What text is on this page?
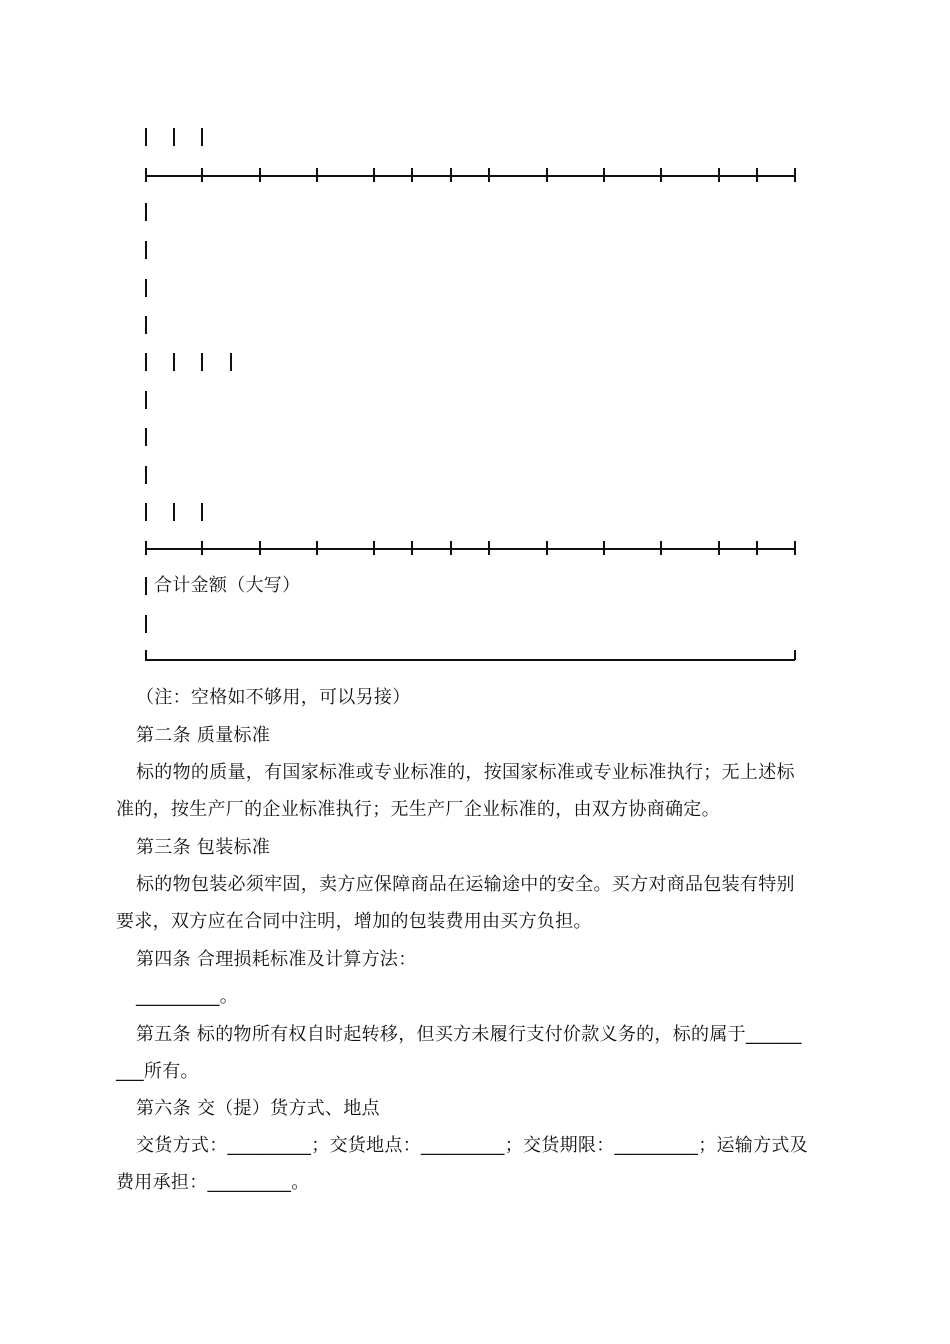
合计金额（大写）
（注：空格如不够用，可以另接）
第二条 质量标准
标的物的质量，有国家标准或专业标准的，按国家标准或专业标准执行；无上述标
准的，按生产厂的企业标准执行；无生产厂企业标准的，由双方协商确定。
第三条 包装标准
标的物包装必须牢固，卖方应保障商品在运输途中的安全。买方对商品包装有特别
要求，双方应在合同中注明，增加的包装费用由买方负担。
第四条 合理损耗标准及计算方法：
_________。
第五条 标的物所有权自时起转移，但买方未履行支付价款义务的，标的属于______
___所有。
第六条 交（提）货方式、地点
交货方式：_________；交货地点：_________；交货期限：_________；运输方式及
费用承担：_________。
